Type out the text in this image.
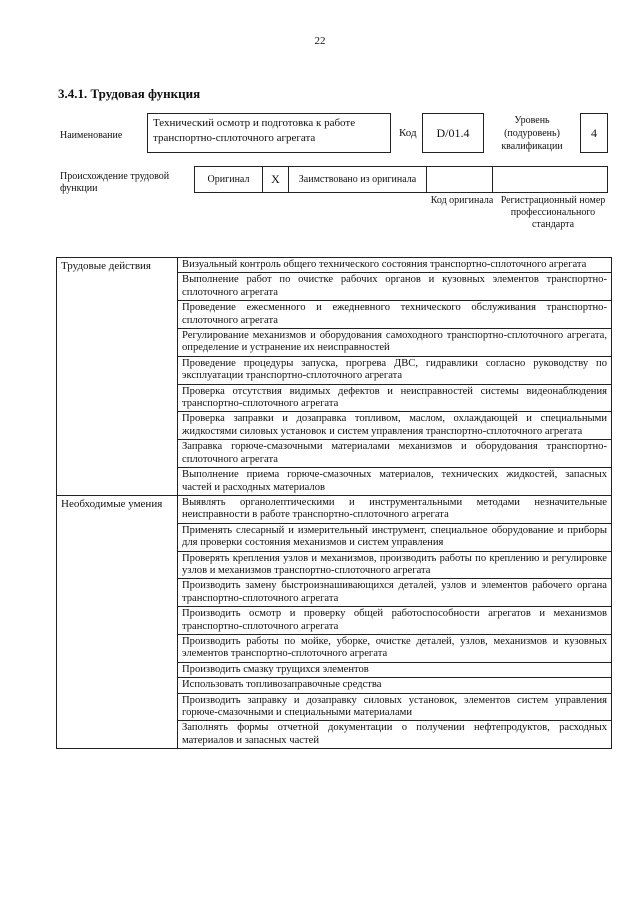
22
3.4.1. Трудовая функция
Наименование
Технический осмотр и подготовка к работе транспортно-сплоточного агрегата	Код	D/01.4
Уровень (подуровень) квалификации
4
Происхождение трудовой функции
Оригинал	X	Заимствовано из оригинала
Код оригинала Регистрационный номер профессионального стандарта
Трудовые действия	Визуальный контроль общего технического состояния транспортно-сплоточного агрегата
	Выполнение работ по очистке рабочих органов и кузовных элементов транспортно-сплоточного агрегата
	Проведение ежесменного и ежедневного технического обслуживания транспортно-сплоточного агрегата
	Регулирование механизмов и оборудования самоходного транспортно-сплоточного агрегата, определение и устранение их неисправностей
	Проведение процедуры запуска, прогрева ДВС, гидравлики согласно руководству по эксплуатации транспортно-сплоточного агрегата
	Проверка отсутствия видимых дефектов и неисправностей системы видеонаблюдения транспортно-сплоточного агрегата
	Проверка заправки и дозаправка топливом, маслом, охлаждающей и специальными жидкостями силовых установок и систем управления транспортно-сплоточного агрегата
	Заправка горюче-смазочными материалами механизмов и оборудования транспортно-сплоточного агрегата
	Выполнение приема горюче-смазочных материалов, технических жидкостей, запасных частей и расходных материалов
Необходимые умения	Выявлять органолептическими и инструментальными методами незначительные неисправности в работе транспортно-сплоточного агрегата
	Применять слесарный и измерительный инструмент, специальное оборудование и приборы для проверки состояния механизмов и систем управления
	Проверять крепления узлов и механизмов, производить работы по креплению и регулировке узлов и механизмов транспортно-сплоточного агрегата
	Производить замену быстроизнашивающихся деталей, узлов и элементов рабочего органа транспортно-сплоточного агрегата
	Производить осмотр и проверку общей работоспособности агрегатов и механизмов транспортно-сплоточного агрегата
	Производить работы по мойке, уборке, очистке деталей, узлов, механизмов и кузовных элементов транспортно-сплоточного агрегата
	Производить смазку трущихся элементов
	Использовать топливозаправочные средства
	Производить заправку и дозаправку силовых установок, элементов систем управления горюче-смазочными и специальными материалами
	Заполнять формы отчетной документации о получении нефтепродуктов, расходных материалов и запасных частей
